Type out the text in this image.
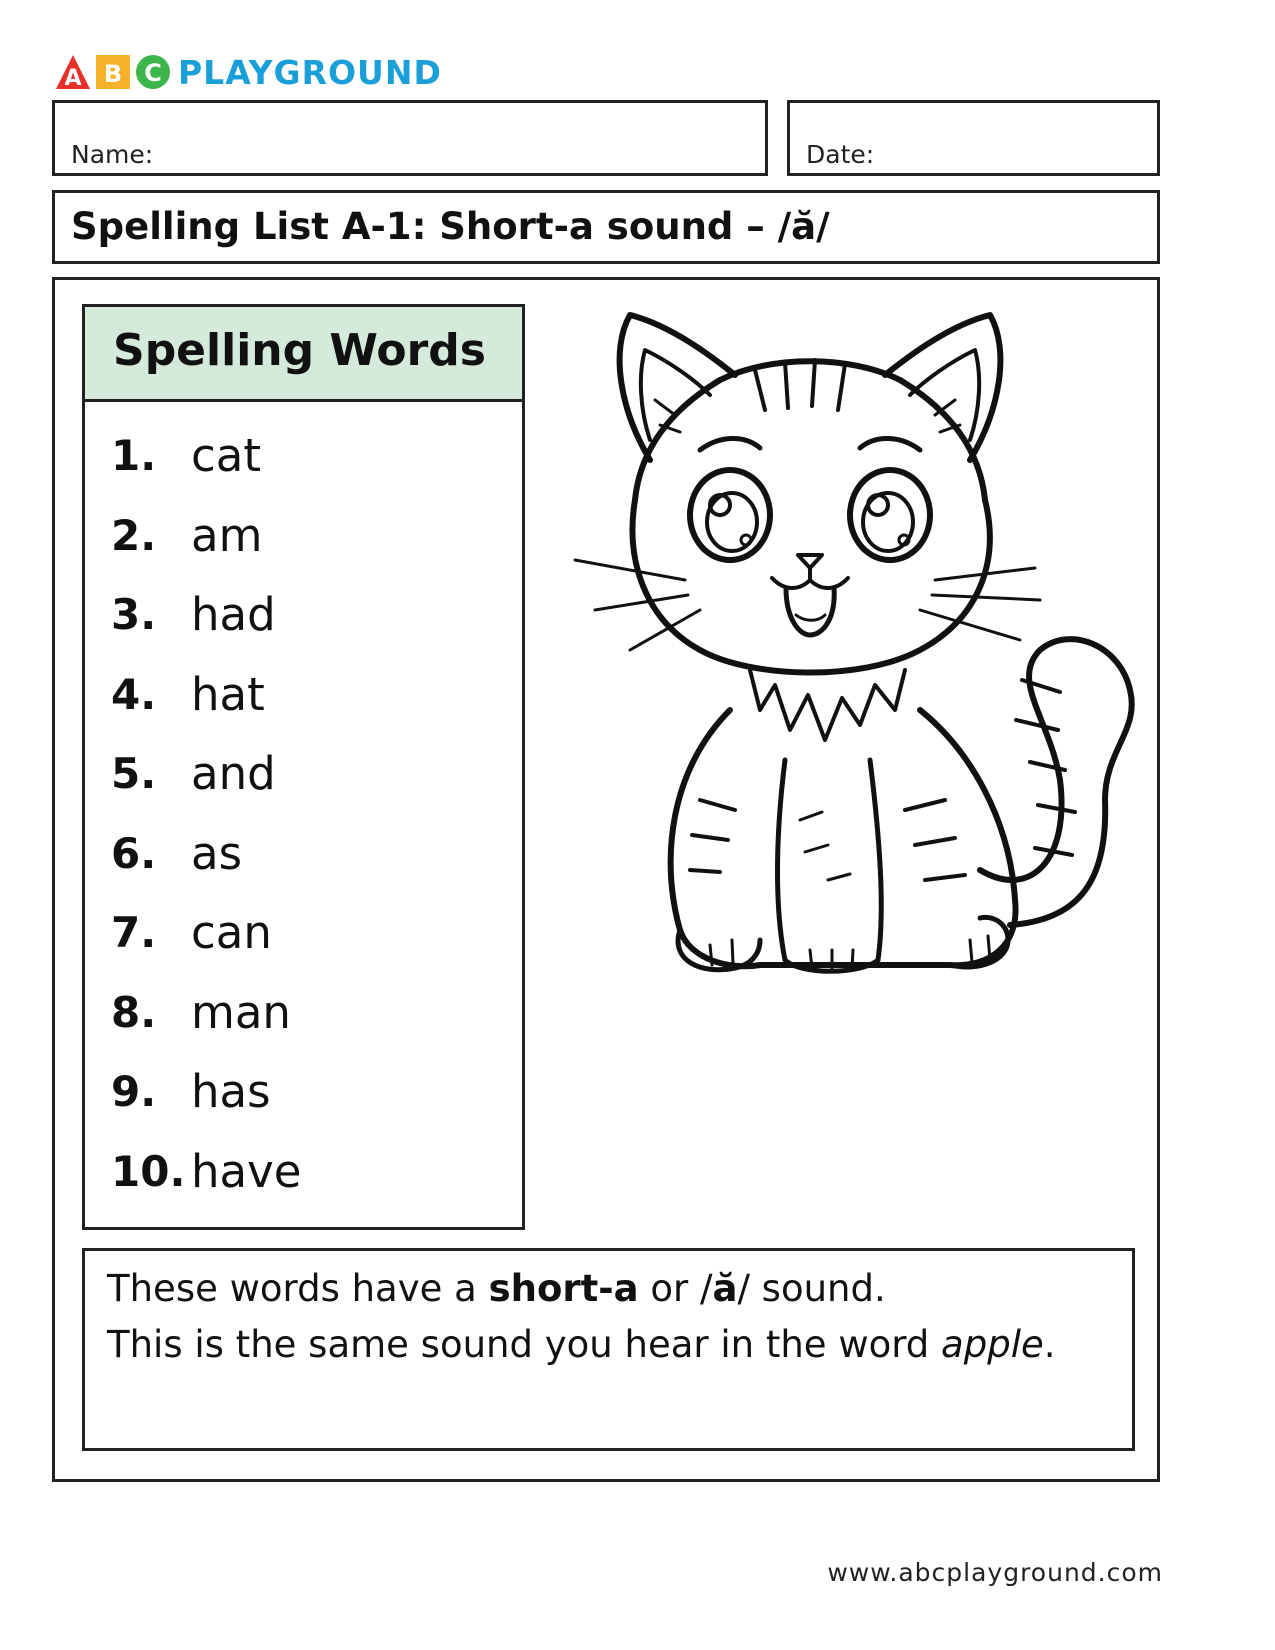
A B C PLAYGROUND
Name:	Date:
Spelling List A-1: Short-a sound – /ă/
Spelling Words
1. cat
2. am
3. had
4. hat
5. and
6. as
7. can
8. man
9. has
10. have
These words have a short-a or /ă/ sound.
This is the same sound you hear in the word apple.
www.abcplayground.com
